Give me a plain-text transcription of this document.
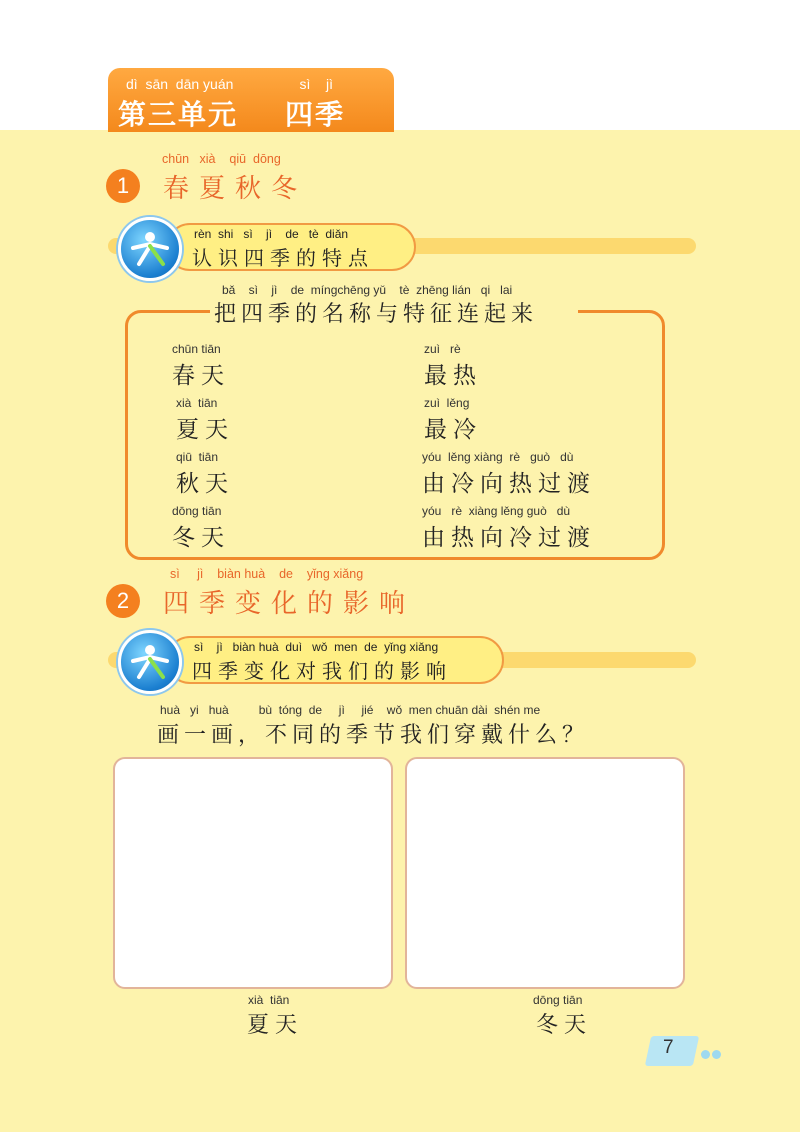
dì  sān  dān yuán                 sì    jì
第三单元    四季
chūn   xià    qiū  dōng
1	春夏秋冬
rèn  shi   sì    jì    de   tè  diǎn
认识四季的特点
bǎ    sì    jì    de  míngchēng yǔ    tè  zhēng lián   qi   lai
把四季的名称与特征连起来
chūn tiān
春天
xià  tiān
夏天
qiū  tiān
秋天
dōng tiān
冬天
zuì   rè
最热
zuì  lěng
最冷
yóu  lěng xiàng  rè   guò   dù
由冷向热过渡
yóu   rè  xiàng lěng guò   dù
由热向冷过渡
sì     jì    biàn huà    de    yǐng xiǎng
2	四季变化的影响
sì    jì   biàn huà  duì   wǒ  men  de  yǐng xiǎng
四季变化对我们的影响
huà   yi   huà         bù  tóng  de     jì     jié    wǒ  men chuān dài  shén me
画一画，不同的季节我们穿戴什么？
xià  tiān
夏天
dōng tiān
冬天
7
